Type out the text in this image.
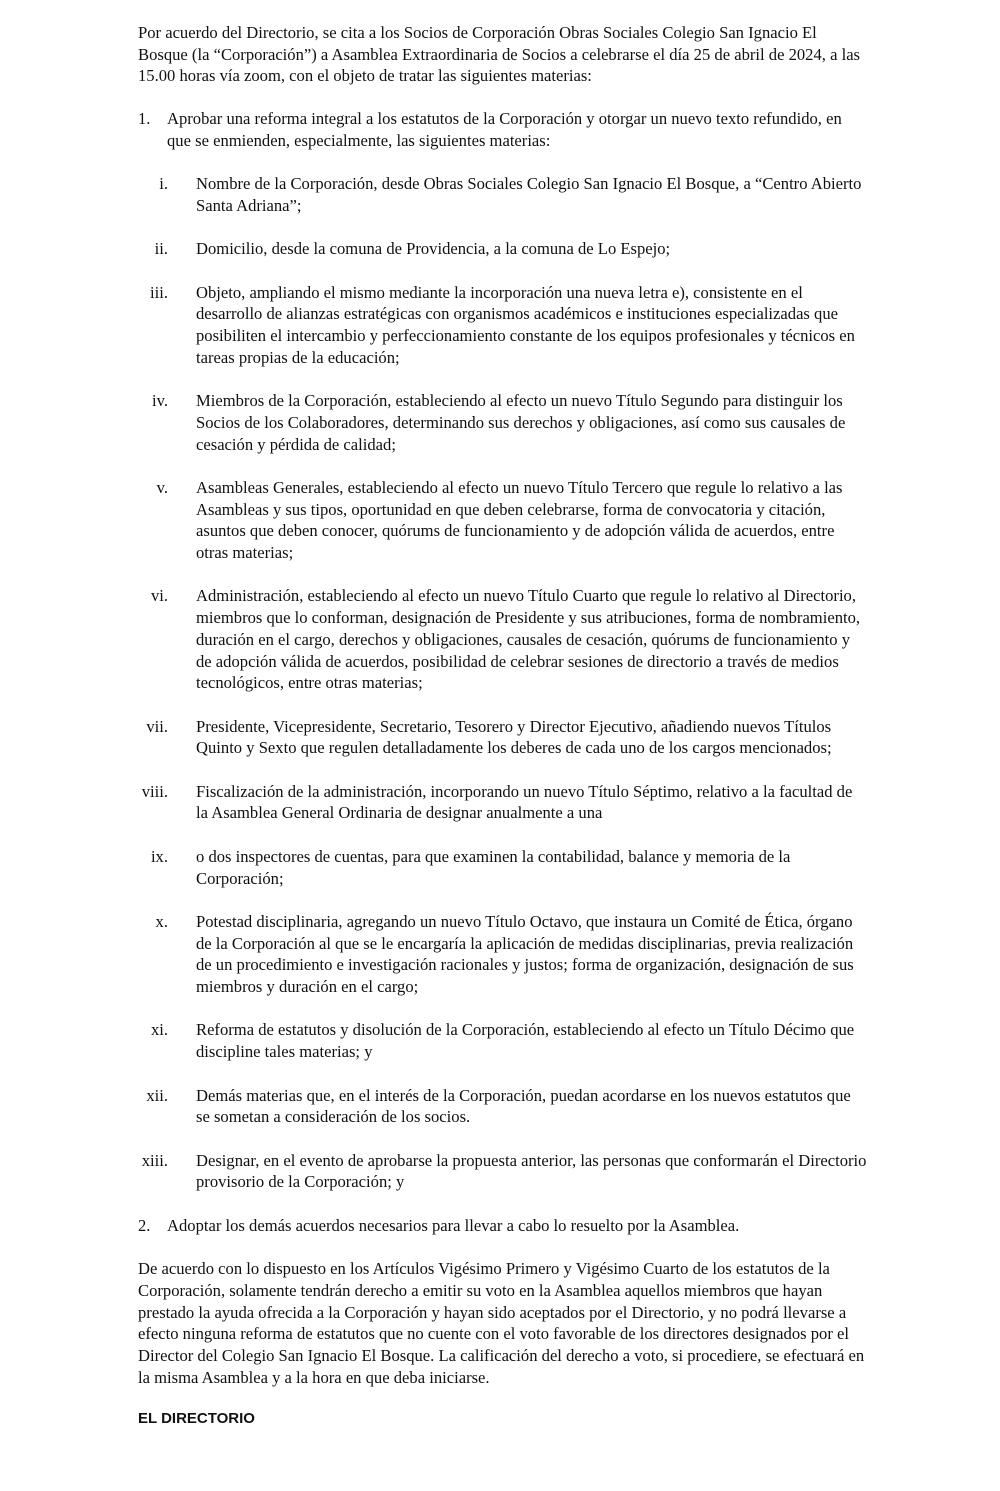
Por acuerdo del Directorio, se cita a los Socios de Corporación Obras Sociales Colegio San Ignacio El Bosque (la “Corporación”) a Asamblea Extraordinaria de Socios a celebrarse el día 25 de abril de 2024, a las 15.00 horas vía zoom, con el objeto de tratar las siguientes materias:

1. Aprobar una reforma integral a los estatutos de la Corporación y otorgar un nuevo texto refundido, en que se enmienden, especialmente, las siguientes materias:
i.	Nombre de la Corporación, desde Obras Sociales Colegio San Ignacio El Bosque, a “Centro Abierto Santa Adriana”;
ii.	Domicilio, desde la comuna de Providencia, a la comuna de Lo Espejo;
iii.	Objeto, ampliando el mismo mediante la incorporación una nueva letra e), consistente en el desarrollo de alianzas estratégicas con organismos académicos e instituciones especializadas que posibiliten el intercambio y perfeccionamiento constante de los equipos profesionales y técnicos en tareas propias de la educación;
iv.	Miembros de la Corporación, estableciendo al efecto un nuevo Título Segundo para distinguir los Socios de los Colaboradores, determinando sus derechos y obligaciones, así como sus causales de cesación y pérdida de calidad;
v.	Asambleas Generales, estableciendo al efecto un nuevo Título Tercero que regule lo relativo a las Asambleas y sus tipos, oportunidad en que deben celebrarse, forma de convocatoria y citación, asuntos que deben conocer, quórums de funcionamiento y de adopción válida de acuerdos, entre otras materias;
vi.	Administración, estableciendo al efecto un nuevo Título Cuarto que regule lo relativo al Directorio, miembros que lo conforman, designación de Presidente y sus atribuciones, forma de nombramiento, duración en el cargo, derechos y obligaciones, causales de cesación, quórums de funcionamiento y de adopción válida de acuerdos, posibilidad de celebrar sesiones de directorio a través de medios tecnológicos, entre otras materias;
vii.	Presidente, Vicepresidente, Secretario, Tesorero y Director Ejecutivo, añadiendo nuevos Títulos Quinto y Sexto que regulen detalladamente los deberes de cada uno de los cargos mencionados;
viii.	Fiscalización de la administración, incorporando un nuevo Título Séptimo, relativo a la facultad de la Asamblea General Ordinaria de designar anualmente a una
ix.	o dos inspectores de cuentas, para que examinen la contabilidad, balance y memoria de la Corporación;
x.	Potestad disciplinaria, agregando un nuevo Título Octavo, que instaura un Comité de Ética, órgano de la Corporación al que se le encargaría la aplicación de medidas disciplinarias, previa realización de un procedimiento e investigación racionales y justos; forma de organización, designación de sus miembros y duración en el cargo;
xi.	Reforma de estatutos y disolución de la Corporación, estableciendo al efecto un Título Décimo que discipline tales materias; y
xii.	Demás materias que, en el interés de la Corporación, puedan acordarse en los nuevos estatutos que se sometan a consideración de los socios.
xiii.	Designar, en el evento de aprobarse la propuesta anterior, las personas que conformarán el Directorio provisorio de la Corporación; y
2. Adoptar los demás acuerdos necesarios para llevar a cabo lo resuelto por la Asamblea.

De acuerdo con lo dispuesto en los Artículos Vigésimo Primero y Vigésimo Cuarto de los estatutos de la Corporación, solamente tendrán derecho a emitir su voto en la Asamblea aquellos miembros que hayan prestado la ayuda ofrecida a la Corporación y hayan sido aceptados por el Directorio, y no podrá llevarse a efecto ninguna reforma de estatutos que no cuente con el voto favorable de los directores designados por el Director del Colegio San Ignacio El Bosque. La calificación del derecho a voto, si procediere, se efectuará en la misma Asamblea y a la hora en que deba iniciarse.

EL DIRECTORIO
